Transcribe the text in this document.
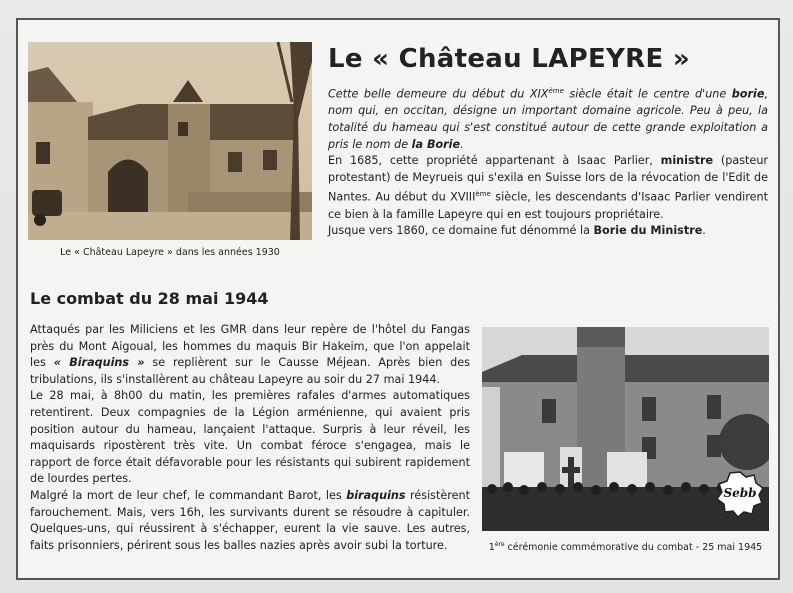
Le « Château Lapeyre » dans les années 1930
Le « Château LAPEYRE »

Cette belle demeure du début du XIXème siècle était le centre d'une borie, nom qui, en occitan, désigne un important domaine agricole. Peu à peu, la totalité du hameau qui s'est constitué autour de cette grande exploitation a pris le nom de la Borie.

En 1685, cette propriété appartenant à Isaac Parlier, ministre (pasteur protestant) de Meyrueis qui s'exila en Suisse lors de la révocation de l'Edit de Nantes. Au début du XVIIIème siècle, les descendants d'Isaac Parlier vendirent ce bien à la famille Lapeyre qui en est toujours propriétaire.

Jusque vers 1860, ce domaine fut dénommé la Borie du Ministre.

Le combat du 28 mai 1944

Attaqués par les Miliciens et les GMR dans leur repère de l'hôtel du Fangas près du Mont Aigoual, les hommes du maquis Bir Hakeim, que l'on appelait les « Biraquins » se replièrent sur le Causse Méjean. Après bien des tribulations, ils s'installèrent au château Lapeyre au soir du 27 mai 1944.

Le 28 mai, à 8h00 du matin, les premières rafales d'armes automatiques retentirent. Deux compagnies de la Légion arménienne, qui avaient pris position autour du hameau, lançaient l'attaque. Surpris à leur réveil, les maquisards ripostèrent très vite. Un combat féroce s'engagea, mais le rapport de force était défavorable pour les résistants qui subirent rapidement de lourdes pertes.

Malgré la mort de leur chef, le commandant Barot, les biraquins résistèrent farouchement. Mais, vers 16h, les survivants durent se résoudre à capituler. Quelques-uns, qui réussirent à s'échapper, eurent la vie sauve. Les autres, faits prisonniers, périrent sous les balles nazies après avoir subi la torture.	1ère cérémonie commémorative du combat - 25 mai 1945
Sebb
